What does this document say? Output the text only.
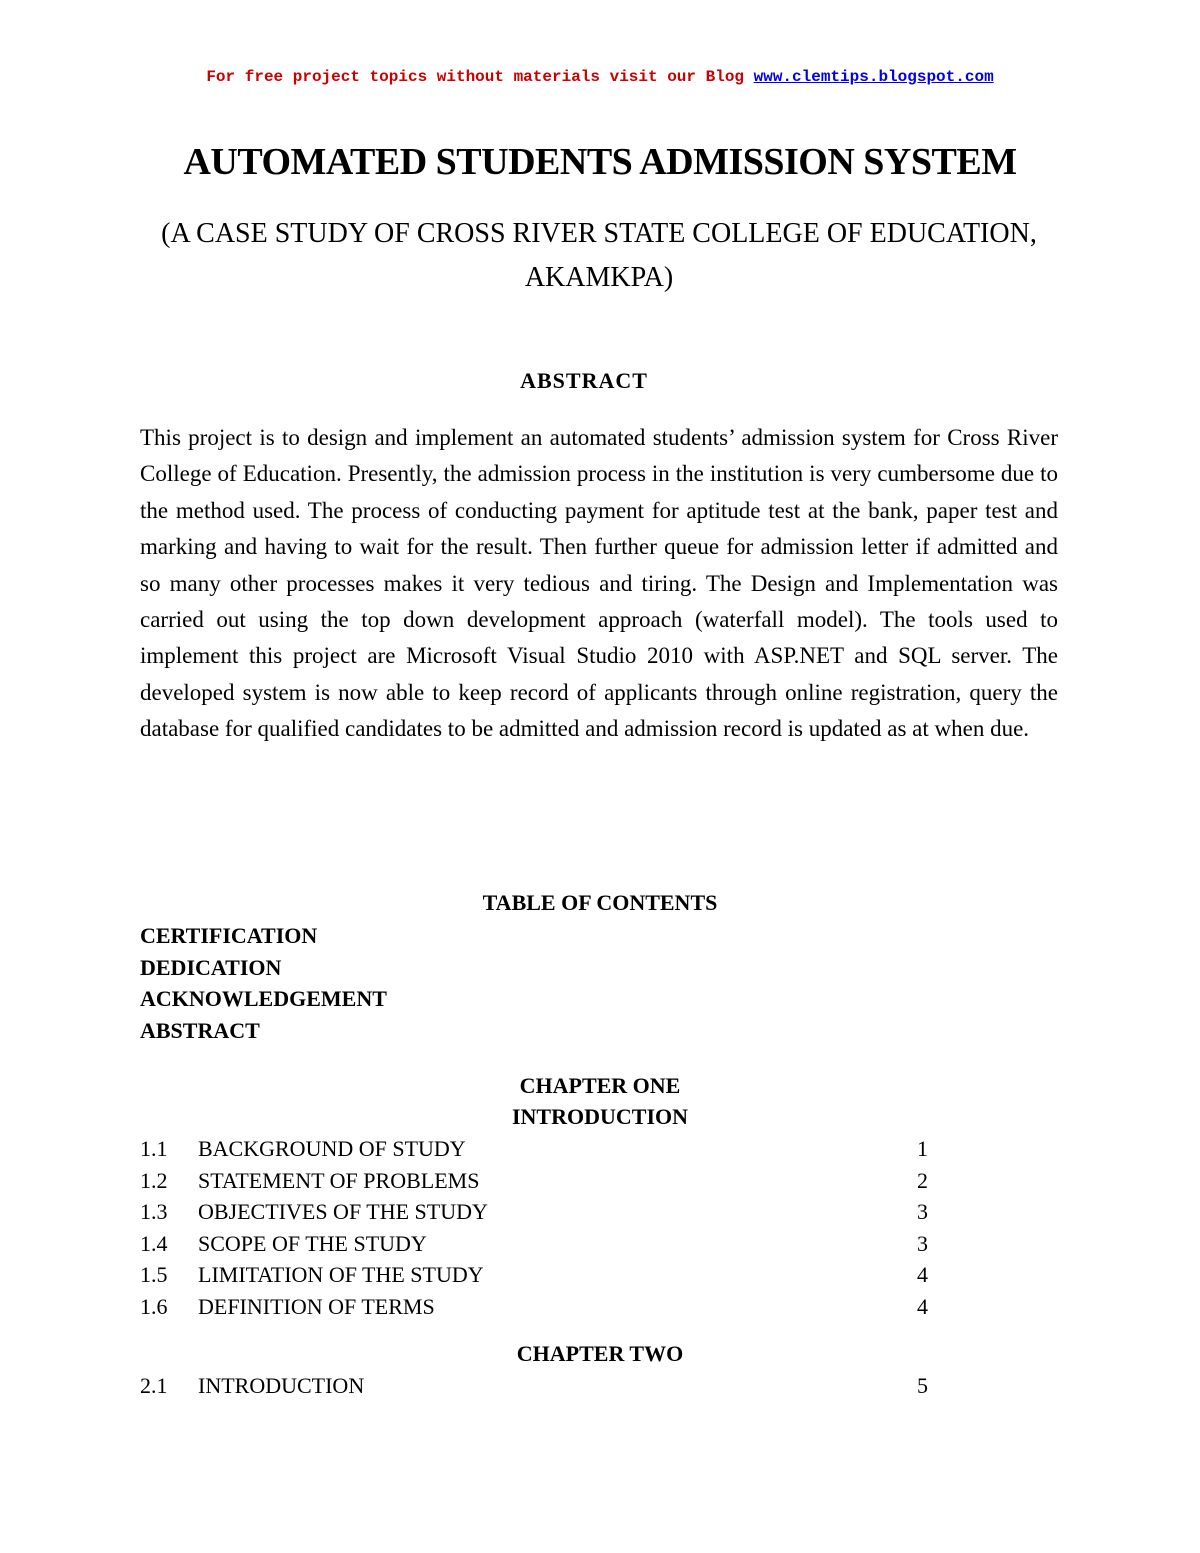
For free project topics without materials visit our Blog www.clemtips.blogspot.com
AUTOMATED STUDENTS ADMISSION SYSTEM

(A CASE STUDY OF CROSS RIVER STATE COLLEGE OF EDUCATION, AKAMKPA)

ABSTRACT

This project is to design and implement an automated students’ admission system for Cross River College of Education. Presently, the admission process in the institution is very cumbersome due to the method used. The process of conducting payment for aptitude test at the bank, paper test and marking and having to wait for the result. Then further queue for admission letter if admitted and so many other processes makes it very tedious and tiring. The Design and Implementation was carried out using the top down development approach (waterfall model). The tools used to implement this project are Microsoft Visual Studio 2010 with ASP.NET and SQL server. The developed system is now able to keep record of applicants through online registration, query the database for qualified candidates to be admitted and admission record is updated as at when due.

TABLE OF CONTENTS
CERTIFICATION
DEDICATION
ACKNOWLEDGEMENT
ABSTRACT
CHAPTER ONE
INTRODUCTION
1.1 BACKGROUND OF STUDY	1
1.2 STATEMENT OF PROBLEMS	2
1.3 OBJECTIVES OF THE STUDY	3
1.4 SCOPE OF THE STUDY	3
1.5 LIMITATION OF THE STUDY	4
1.6 DEFINITION OF TERMS	4
CHAPTER TWO
2.1 INTRODUCTION	5
